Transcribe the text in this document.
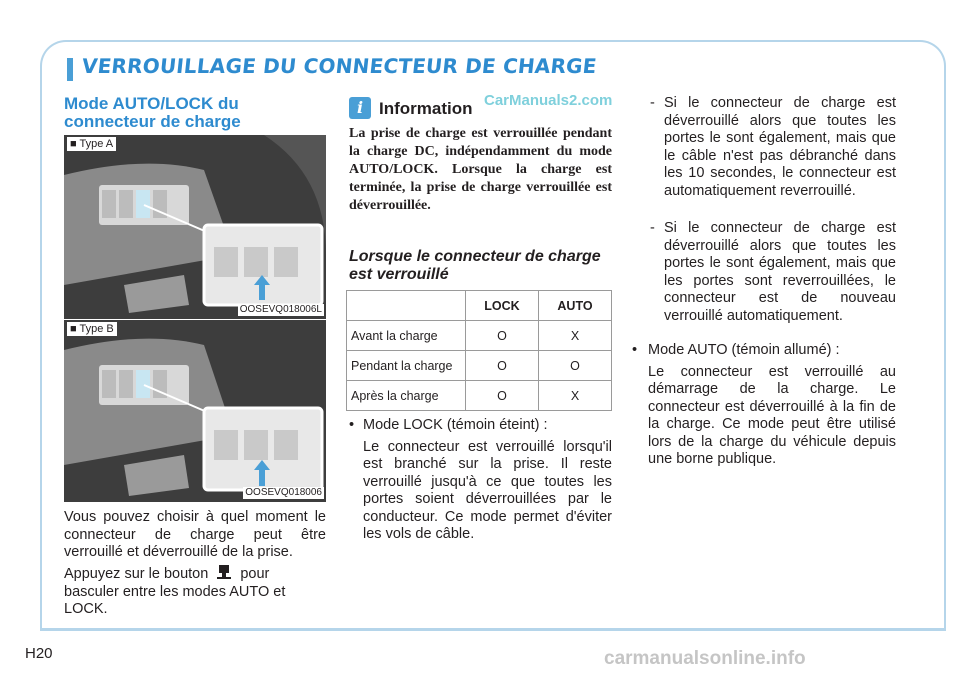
VERROUILLAGE DU CONNECTEUR DE CHARGE
Mode AUTO/LOCK du connecteur de charge
■ Type A
OOSEVQ018006L
■ Type B
OOSEVQ018006
Vous pouvez choisir à quel moment le connecteur de charge peut être verrouillé et déverrouillé de la prise.
Appuyez sur le bouton pour basculer entre les modes AUTO et LOCK.
i Information CarManuals2.com
La prise de charge est verrouillée pendant la charge DC, indépendamment du mode AUTO/LOCK. Lorsque la charge est terminée, la prise de charge verrouillée est déverrouillée.
Lorsque le connecteur de charge est verrouillé
	LOCK	AUTO
Avant la charge	O	X
Pendant la charge	O	O
Après la charge	O	X
• Mode LOCK (témoin éteint) :
Le connecteur est verrouillé lorsqu'il est branché sur la prise. Il reste verrouillé jusqu'à ce que toutes les portes soient déverrouillées par le conducteur. Ce mode permet d'éviter les vols de câble.
- Si le connecteur de charge est déverrouillé alors que toutes les portes le sont également, mais que le câble n'est pas débranché dans les 10 secondes, le connecteur est automatiquement reverrouillé.
- Si le connecteur de charge est déverrouillé alors que toutes les portes le sont également, mais que les portes sont reverrouillées, le connecteur est de nouveau verrouillé automatiquement.
• Mode AUTO (témoin allumé) :
Le connecteur est verrouillé au démarrage de la charge. Le connecteur est déverrouillé à la fin de la charge. Ce mode peut être utilisé lors de la charge du véhicule depuis une borne publique.
H20	carmanualsonline.info
